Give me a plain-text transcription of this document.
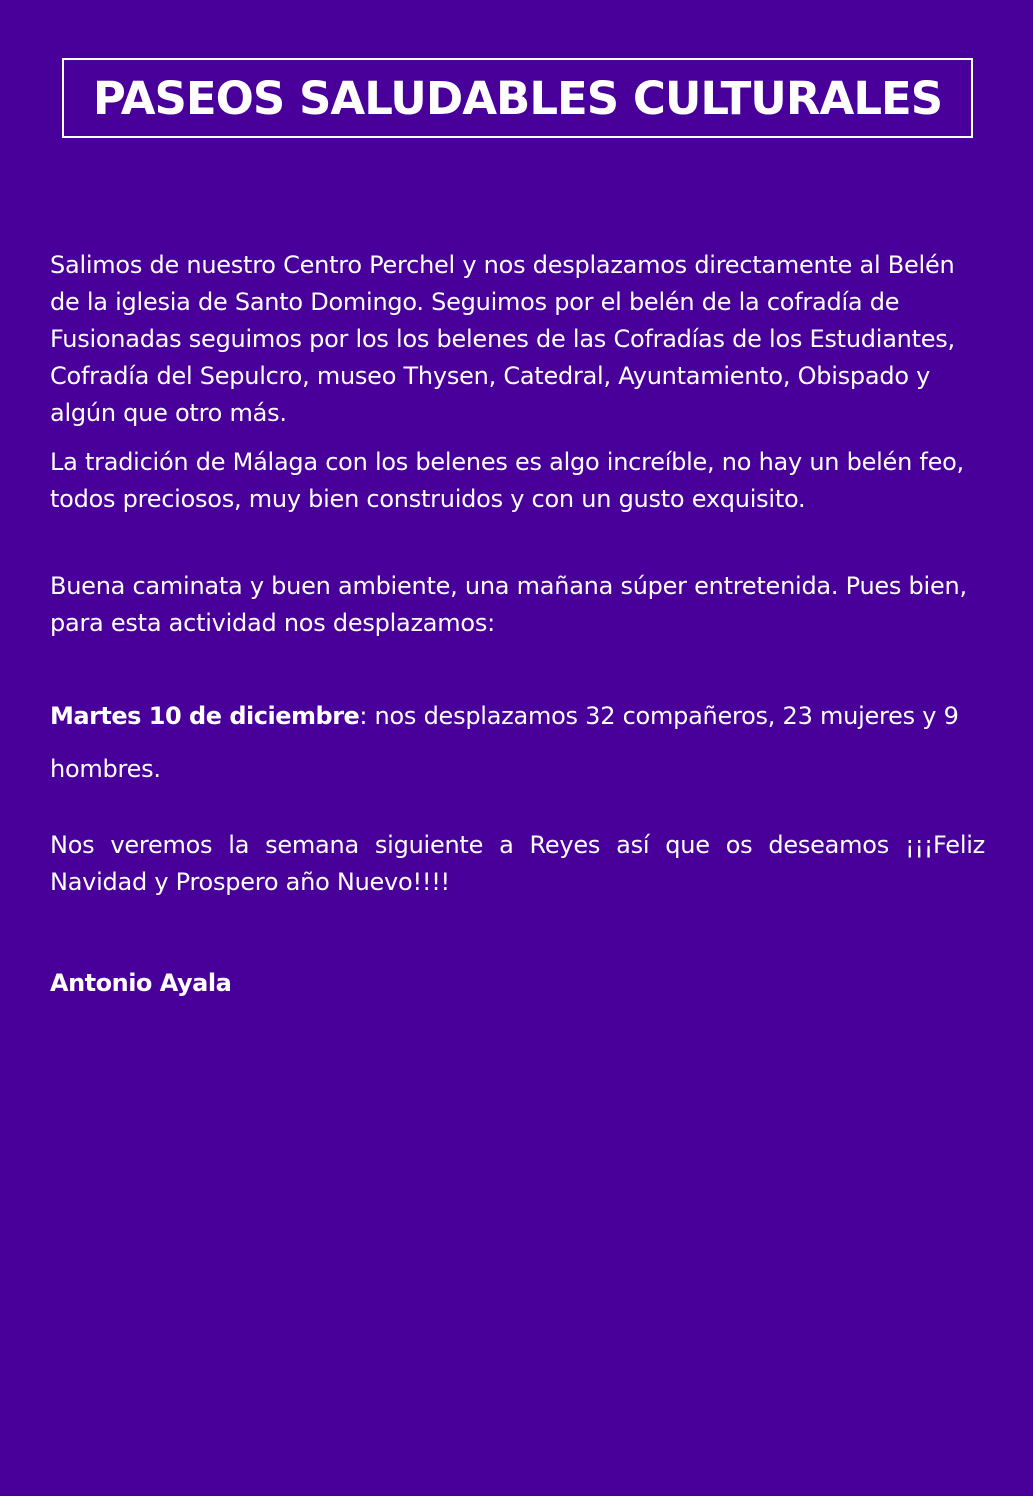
PASEOS SALUDABLES CULTURALES

Salimos de nuestro Centro Perchel y nos desplazamos directamente al Belén de la iglesia de Santo Domingo. Seguimos por el belén de la cofradía de Fusionadas seguimos por los los belenes de las Cofradías de los Estudiantes, Cofradía del Sepulcro, museo Thysen, Catedral, Ayuntamiento, Obispado y algún que otro más.

La tradición de Málaga con los belenes es algo increíble, no hay un belén feo, todos preciosos, muy bien construidos y con un gusto exquisito.

Buena caminata y buen ambiente, una mañana súper entretenida. Pues bien, para esta actividad nos desplazamos:

Martes 10 de diciembre: nos desplazamos 32 compañeros, 23 mujeres y 9 hombres.

Nos veremos la semana siguiente a Reyes así que os deseamos ¡¡¡Feliz Navidad y Prospero año Nuevo!!!!

Antonio Ayala
